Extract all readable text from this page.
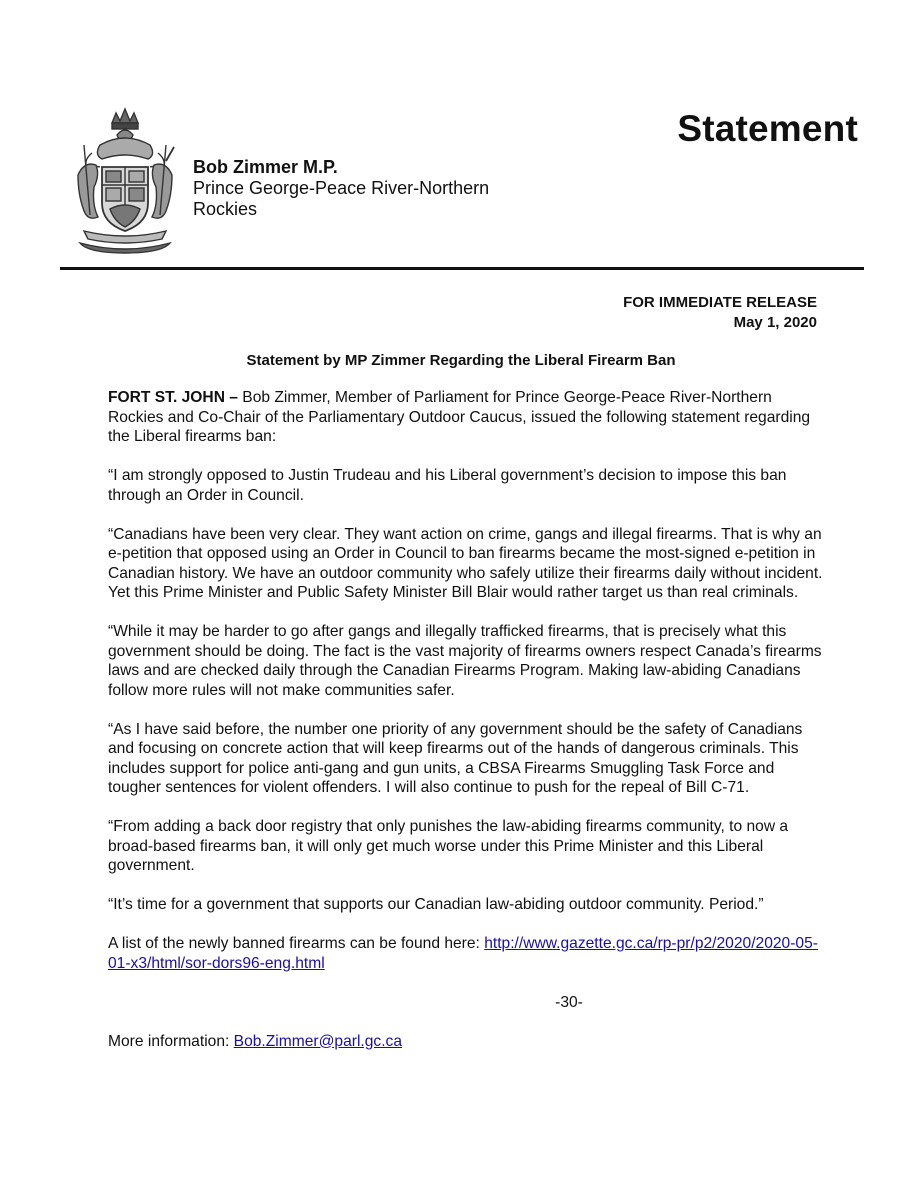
Statement
Bob Zimmer M.P.
Prince George-Peace River-Northern
Rockies
FOR IMMEDIATE RELEASE
May 1, 2020
Statement by MP Zimmer Regarding the Liberal Firearm Ban

FORT ST. JOHN – Bob Zimmer, Member of Parliament for Prince George-Peace River-Northern Rockies and Co-Chair of the Parliamentary Outdoor Caucus, issued the following statement regarding the Liberal firearms ban:

“I am strongly opposed to Justin Trudeau and his Liberal government’s decision to impose this ban through an Order in Council.

“Canadians have been very clear. They want action on crime, gangs and illegal firearms. That is why an e-petition that opposed using an Order in Council to ban firearms became the most-signed e-petition in Canadian history. We have an outdoor community who safely utilize their firearms daily without incident. Yet this Prime Minister and Public Safety Minister Bill Blair would rather target us than real criminals.

“While it may be harder to go after gangs and illegally trafficked firearms, that is precisely what this government should be doing. The fact is the vast majority of firearms owners respect Canada’s firearms laws and are checked daily through the Canadian Firearms Program. Making law-abiding Canadians follow more rules will not make communities safer.

“As I have said before, the number one priority of any government should be the safety of Canadians and focusing on concrete action that will keep firearms out of the hands of dangerous criminals. This includes support for police anti-gang and gun units, a CBSA Firearms Smuggling Task Force and tougher sentences for violent offenders. I will also continue to push for the repeal of Bill C-71.

“From adding a back door registry that only punishes the law-abiding firearms community, to now a broad-based firearms ban, it will only get much worse under this Prime Minister and this Liberal government.

“It’s time for a government that supports our Canadian law-abiding outdoor community. Period.”

A list of the newly banned firearms can be found here: http://www.gazette.gc.ca/rp-pr/p2/2020/2020-05-01-x3/html/sor-dors96-eng.html

-30-

More information: Bob.Zimmer@parl.gc.ca
